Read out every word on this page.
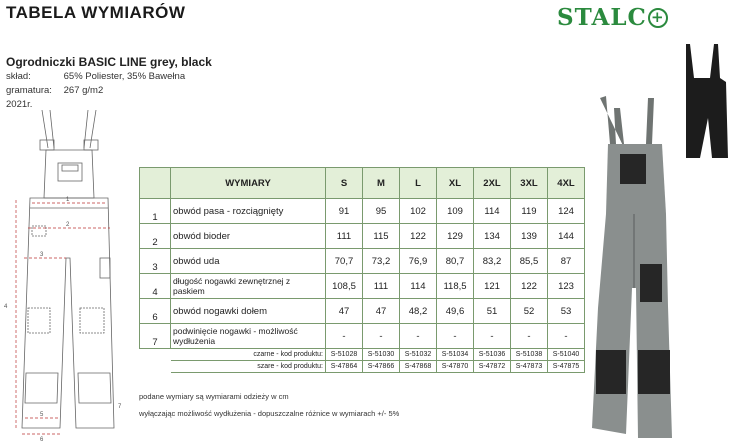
TABELA WYMIARÓW	STALC +
Ogrodniczki BASIC LINE grey, black
skład:	65% Poliester, 35% Bawełna
gramatura: 267 g/m2
2021r.
1
2
3
4
6
5
7
	WYMIARY	S	M	L	XL	2XL	3XL	4XL
1	obwód pasa - rozciągnięty	91	95	102	109	114	119	124
2	obwód bioder	111	115	122	129	134	139	144
3	obwód uda	70,7	73,2	76,9	80,7	83,2	85,5	87
4	długość nogawki zewnętrznej z paskiem	108,5	111	114	118,5	121	122	123
6	obwód nogawki dołem	47	47	48,2	49,6	51	52	53
7	podwinięcie nogawki - możliwość wydłużenia	-	-	-	-	-	-	-
	czarne - kod produktu:	S-51028	S-51030	S-51032	S-51034	S-51036	S-51038	S-51040
	szare - kod produktu:	S-47864	S-47866	S-47868	S-47870	S-47872	S-47873	S-47875
podane wymiary są wymiarami odzieży w cm
wyłączając możliwość wydłużenia - dopuszczalne różnice w wymiarach +/- 5%
